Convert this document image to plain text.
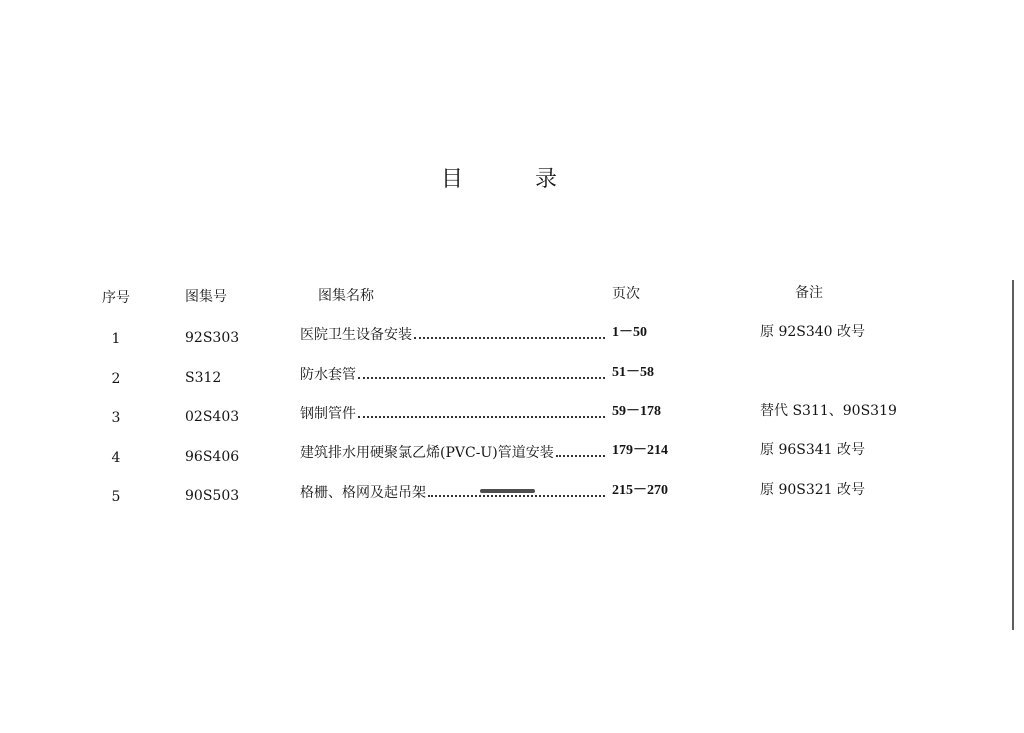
目	录
序号	图集号	图集名称	页次	备注
1	92S303	医院卫生设备安装	1－50	原 92S340 改号
2	S312	防水套管	51－58
3	02S403	钢制管件	59－178	替代 S311、90S319
4	96S406	建筑排水用硬聚氯乙烯(PVC-U)管道安装	179－214	原 96S341 改号
5	90S503	格栅、格网及起吊架	215－270	原 90S321 改号
